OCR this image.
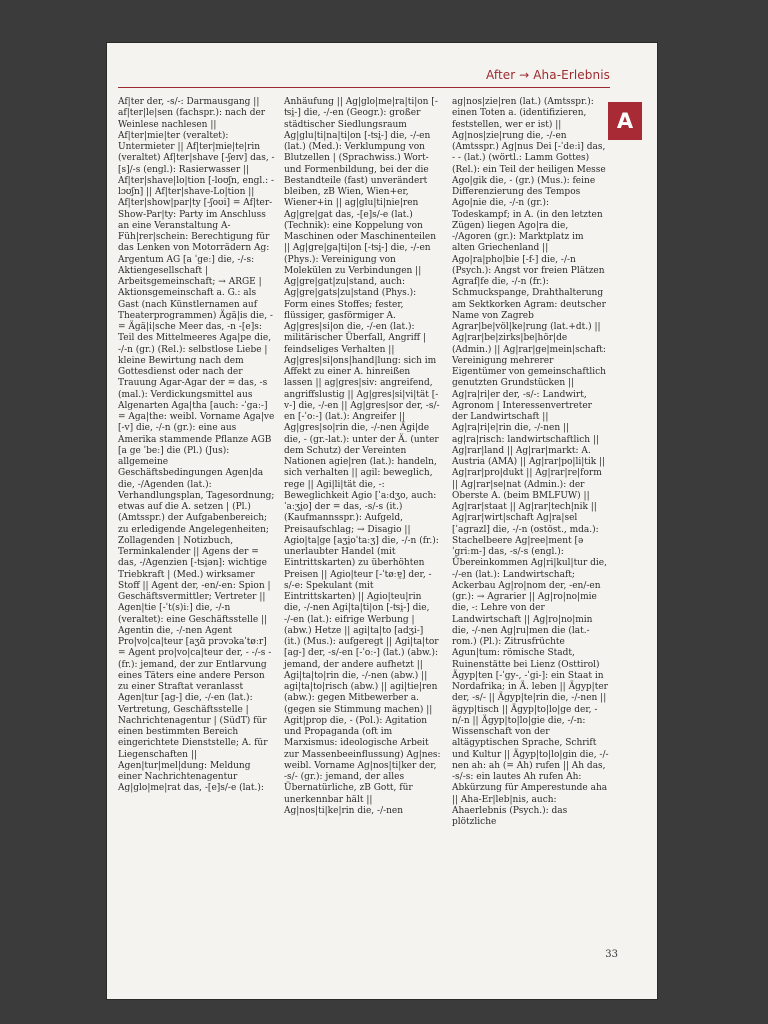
After → Aha-Erlebnis
A

Af|ter der, -s/-: Darmausgang || af|ter|le|sen (fachspr.): nach der Weinlese nachlesen || Af|ter|mie|ter (veraltet): Untermieter || Af|ter|mie|te|rin (veraltet) Af|ter|shave [-ʃeɪv] das, -[s]/-s (engl.): Rasierwasser || Af|ter|shave|lo|tion [-loʊʃn, engl.: -lɔʊʃn] || Af|ter|shave-Lo|tion || Af|ter|show|par|ty [-ʃoʊi] = Af|ter-Show-Par|ty: Party im Anschluss an eine Veranstaltung A-Füh|rer|schein: Berechtigung für das Lenken von Motorrädern Ag: Argentum AG [a ˈgeː] die, -/-s: Aktiengesellschaft | Arbeitsgemeinschaft; → ARGE | Aktionsgemeinschaft a. G.: als Gast (nach Künstlernamen auf Theaterprogrammen) Ägä|is die, - = Ägä|i|sche Meer das, -n -[e]s: Teil des Mittelmeeres Aga|pe die, -/-n (gr.) (Rel.): selbstlose Liebe | kleine Bewirtung nach dem Gottesdienst oder nach der Trauung Agar-Agar der = das, -s (mal.): Verdickungsmittel aus Algenarten Aga|tha [auch: -ˈgaː-] = Aga|the: weibl. Vorname Aga|ve [-v] die, -/-n (gr.): eine aus Amerika stammende Pflanze AGB [a ge ˈbeː] die (Pl.) (Jus): allgemeine Geschäftsbedingungen Agen|da die, -/Agenden (lat.): Verhandlungsplan, Tagesordnung; etwas auf die A. setzen | (Pl.) (Amtsspr.) der Aufgabenbereich; zu erledigende Angelegenheiten; Zollagenden | Notizbuch, Terminkalender || Agens der = das, -/Agenzien [-ʦi̯ən]: wichtige Triebkraft | (Med.) wirksamer Stoff || Agent der, -en/-en: Spion | Geschäftsvermittler; Vertreter || Agen|tie [-ˈt(s)iː] die, -/-n (veraltet): eine Geschäftsstelle || Agentin die, -/-nen Agent Pro|vo|ca|teur [aʒɑ̃ prɔvɔkaˈtøːr] = Agent pro|vo|ca|teur der, - -/-s - (fr.): jemand, der zur Entlarvung eines Täters eine andere Person zu einer Straftat veranlasst Agen|tur [ag-] die, -/-en (lat.): Vertretung, Geschäftsstelle | Nachrichtenagentur | (SüdT) für einen bestimmten Bereich eingerichtete Dienststelle; A. für Liegenschaften || Agen|tur|mel|dung: Meldung einer Nachrichtenagentur Ag|glo|me|rat das, -[e]s/-e (lat.):

Anhäufung || Ag|glo|me|ra|ti|on [-ʦi̯-] die, -/-en (Geogr.): großer städtischer Siedlungsraum Ag|glu|ti|na|ti|on [-ʦi̯-] die, -/-en (lat.) (Med.): Verklumpung von Blutzellen | (Sprachwiss.) Wort- und Formenbildung, bei der die Bestandteile (fast) unverändert bleiben, zB Wien, Wien+er, Wiener+in || ag|glu|ti|nie|ren Ag|gre|gat das, -[e]s/-e (lat.) (Technik): eine Koppelung von Maschinen oder Maschinenteilen || Ag|gre|ga|ti|on [-ʦi̯-] die, -/-en (Phys.): Vereinigung von Molekülen zu Verbindungen || Ag|gre|gat|zu|stand, auch: Ag|gre|gats|zu|stand (Phys.): Form eines Stoffes; fester, flüssiger, gasförmiger A. Ag|gres|si|on die, -/-en (lat.): militärischer Überfall, Angriff | feindseliges Verhalten || Ag|gres|si|ons|hand|lung: sich im Affekt zu einer A. hinreißen lassen || ag|gres|siv: angreifend, angriffslustig || Ag|gres|si|vi|tät [-v-] die, -/-en || Ag|gres|sor der, -s/-en [-ˈoː-] (lat.): Angreifer || Ag|gres|so|rin die, -/-nen Ägi|de die, - (gr.-lat.): unter der Ä. (unter dem Schutz) der Vereinten Nationen agie|ren (lat.): handeln, sich verhalten || agil: beweglich, rege || Agi|li|tät die, -: Beweglichkeit Agio [ˈaːdʒo, auch: ˈaːʒi̯o] der = das, -s/-s (it.) (Kaufmannsspr.): Aufgeld, Preisaufschlag; → Disagio || Agio|ta|ge [aʒi̯oˈtaːʒ] die, -/-n (fr.): unerlaubter Handel (mit Eintrittskarten) zu überhöhten Preisen || Agio|teur [-ˈtøːɐ̯] der, -s/-e: Spekulant (mit Eintrittskarten) || Agio|teu|rin die, -/-nen Agi|ta|ti|on [-ʦi̯-] die, -/-en (lat.): eifrige Werbung | (abw.) Hetze || agi|ta|to [adʒi-] (it.) (Mus.): aufgeregt || Agi|ta|tor [ag-] der, -s/-en [-ˈoː-] (lat.) (abw.): jemand, der andere aufhetzt || Agi|ta|to|rin die, -/-nen (abw.) || agi|ta|to|risch (abw.) || agi|tie|ren (abw.): gegen Mitbewerber a. (gegen sie Stimmung machen) || Agit|prop die, - (Pol.): Agitation und Propaganda (oft im Marxismus: ideologische Arbeit zur Massenbeeinflussung) Ag|nes: weibl. Vorname Ag|nos|ti|ker der, -s/- (gr.): jemand, der alles Übernatürliche, zB Gott, für unerkennbar hält || Ag|nos|ti|ke|rin die, -/-nen

ag|nos|zie|ren (lat.) (Amtsspr.): einen Toten a. (identifizieren, feststellen, wer er ist) || Ag|nos|zie|rung die, -/-en (Amtsspr.) Ag|nus Dei [-ˈdeːi] das, - - (lat.) (wörtl.: Lamm Gottes) (Rel.): ein Teil der heiligen Messe Ago|gik die, - (gr.) (Mus.): feine Differenzierung des Tempos Ago|nie die, -/-n (gr.): Todeskampf; in A. (in den letzten Zügen) liegen Ago|ra die, -/Agoren (gr.): Marktplatz im alten Griechenland || Ago|ra|pho|bie [-f-] die, -/-n (Psych.): Angst vor freien Plätzen Agraf|fe die, -/-n (fr.): Schmuckspange, Drahthalterung am Sektkorken Agram: deutscher Name von Zagreb Agrar|be|völ|ke|rung (lat.+dt.) || Ag|rar|be|zirks|be|hör|de (Admin.) || Ag|rar|ge|mein|schaft: Vereinigung mehrerer Eigentümer von gemeinschaftlich genutzten Grundstücken || Ag|ra|ri|er der, -s/-: Landwirt, Agronom | Interessenvertreter der Landwirtschaft || Ag|ra|ri|e|rin die, -/-nen || ag|ra|risch: landwirtschaftlich || Ag|rar|land || Ag|rar|markt: A. Austria (AMA) || Ag|rar|po|li|tik || Ag|rar|pro|dukt || Ag|rar|re|form || Ag|rar|se|nat (Admin.): der Oberste A. (beim BMLFUW) || Ag|rar|staat || Ag|rar|tech|nik || Ag|rar|wirt|schaft Ag|ra|sel [ˈagrazl] die, -/-n (ostöst., mda.): Stachelbeere Ag|ree|ment [əˈgriːm-] das, -s/-s (engl.): Übereinkommen Ag|ri|kul|tur die, -/-en (lat.): Landwirtschaft; Ackerbau Ag|ro|nom der, -en/-en (gr.): → Agrarier || Ag|ro|no|mie die, -: Lehre von der Landwirtschaft || Ag|ro|no|min die, -/-nen Ag|ru|men die (lat.-rom.) (Pl.): Zitrusfrüchte Agun|tum: römische Stadt, Ruinenstätte bei Lienz (Osttirol) Ägyp|ten [-ˈgy-, -ˈgi-]: ein Staat in Nordafrika; in Ä. leben || Ägyp|ter der, -s/- || Ägyp|te|rin die, -/-nen || ägyp|tisch || Ägyp|to|lo|ge der, -n/-n || Ägyp|to|lo|gie die, -/-n: Wissenschaft von der altägyptischen Sprache, Schrift und Kultur || Ägyp|to|lo|gin die, -/-nen ah: ah (= Ah) rufen || Ah das, -s/-s: ein lautes Ah rufen Ah: Abkürzung für Amperestunde aha || Aha-Er|leb|nis, auch: Ahaerlebnis (Psych.): das plötzliche

33
